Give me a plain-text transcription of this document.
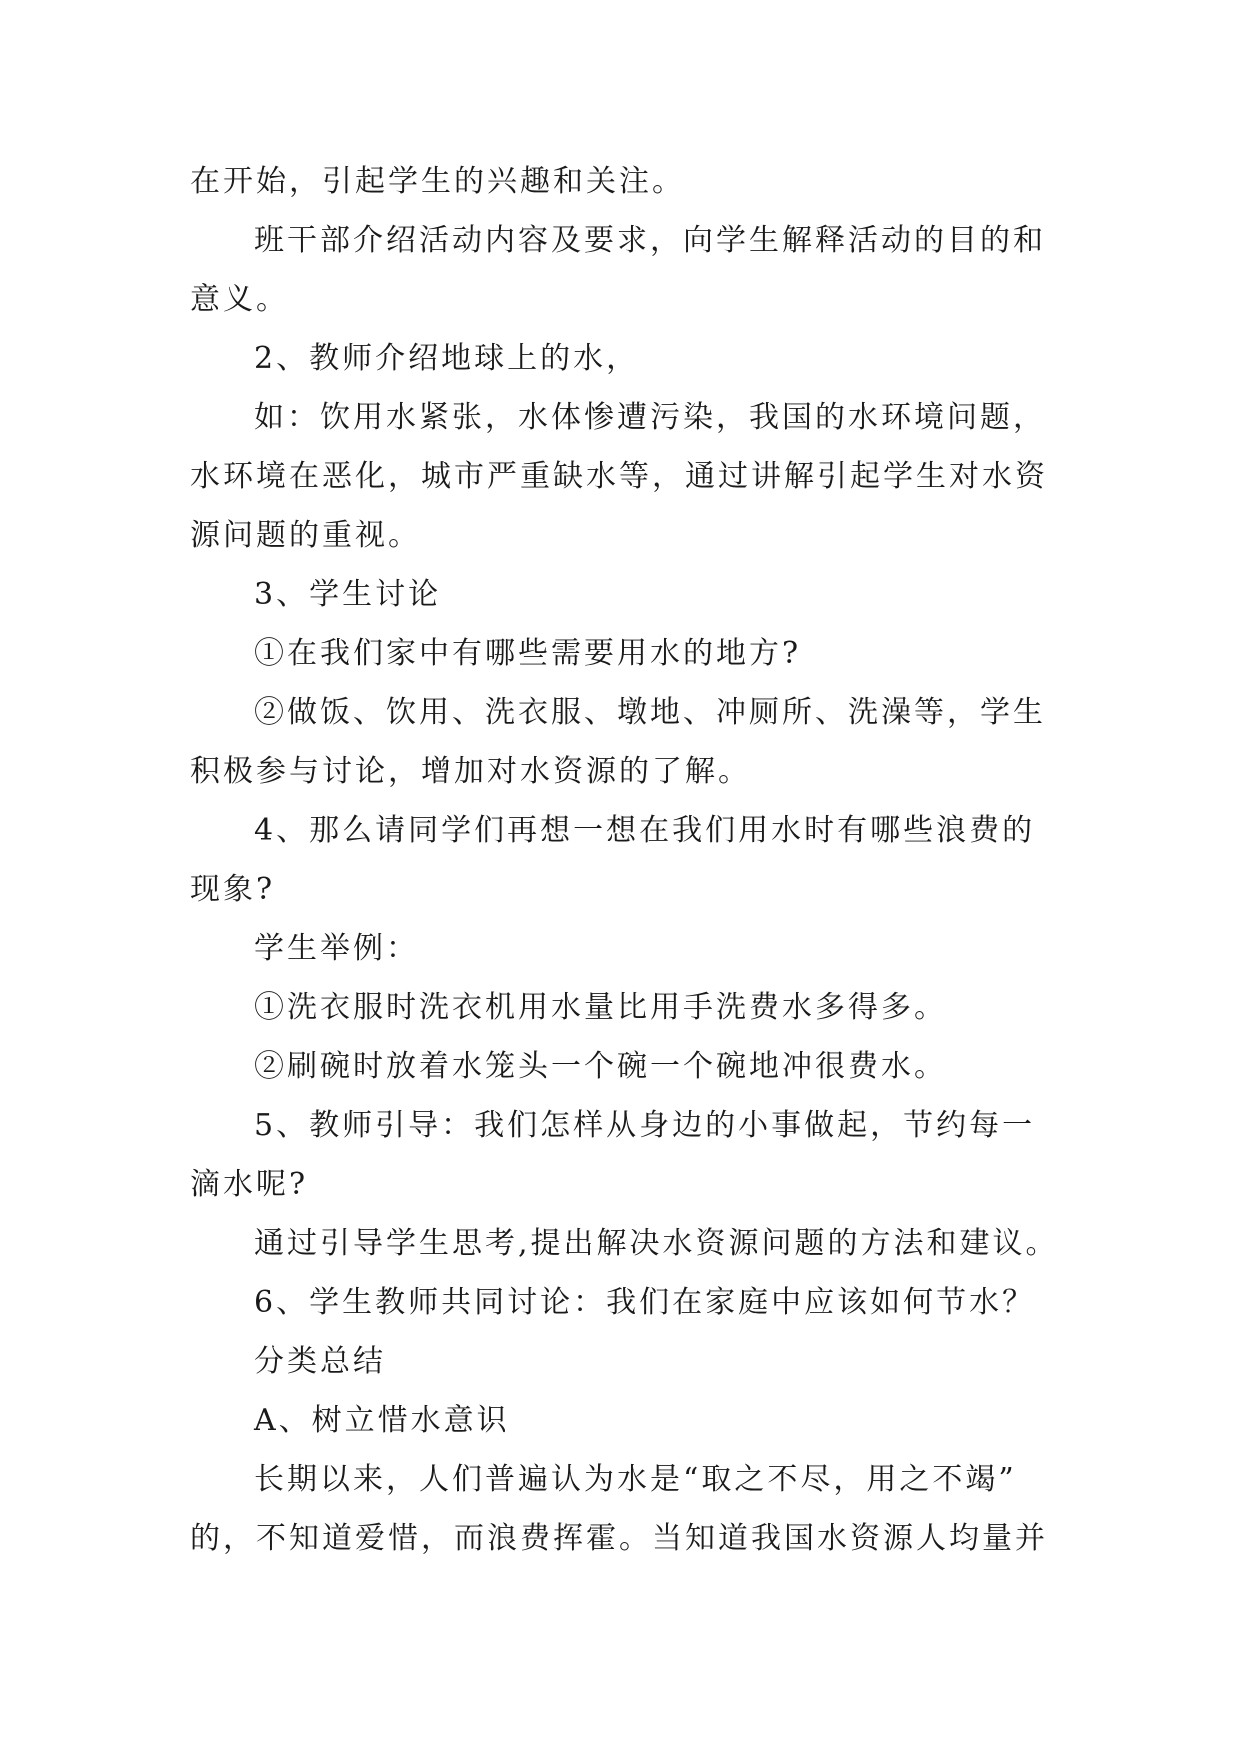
在开始，引起学生的兴趣和关注。
班干部介绍活动内容及要求，向学生解释活动的目的和
意义。
2、教师介绍地球上的水，
如：饮用水紧张，水体惨遭污染，我国的水环境问题，
水环境在恶化，城市严重缺水等，通过讲解引起学生对水资
源问题的重视。
3、学生讨论
①在我们家中有哪些需要用水的地方?
②做饭、饮用、洗衣服、墩地、冲厕所、洗澡等，学生
积极参与讨论，增加对水资源的了解。
4、那么请同学们再想一想在我们用水时有哪些浪费的
现象?
学生举例：
①洗衣服时洗衣机用水量比用手洗费水多得多。
②刷碗时放着水笼头一个碗一个碗地冲很费水。
5、教师引导：我们怎样从身边的小事做起，节约每一
滴水呢?
通过引导学生思考,提出解决水资源问题的方法和建议。
6、学生教师共同讨论：我们在家庭中应该如何节水？
分类总结
A、树立惜水意识
长期以来，人们普遍认为水是“取之不尽，用之不竭”
的，不知道爱惜，而浪费挥霍。当知道我国水资源人均量并
